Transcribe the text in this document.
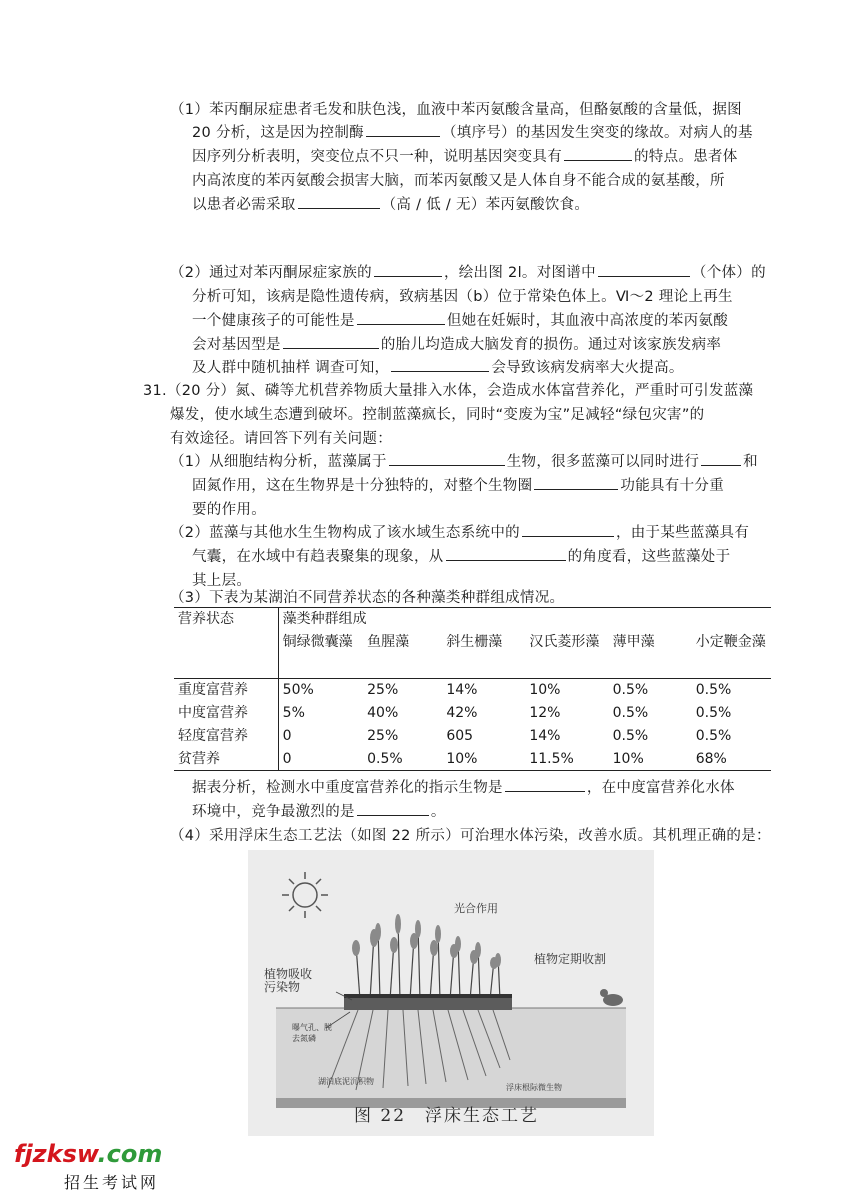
（1）苯丙酮尿症患者毛发和肤色浅，血液中苯丙氨酸含量高，但酪氨酸的含量低，据图
20 分析，这是因为控制酶	（填序号）的基因发生突变的缘故。对病人的基
因序列分析表明，突变位点不只一种，说明基因突变具有	的特点。患者体
内高浓度的苯丙氨酸会损害大脑，而苯丙氨酸又是人体自身不能合成的氨基酸，所
以患者必需采取	（高 / 低 / 无）苯丙氨酸饮食。
（2）通过对苯丙酮尿症家族的	，绘出图 2l。对图谱中	（个体）的
分析可知，该病是隐性遗传病，致病基因（b）位于常染色体上。Ⅵ～2 理论上再生
一个健康孩子的可能性是	但她在妊娠时，其血液中高浓度的苯丙氨酸
会对基因型是	的胎儿均造成大脑发育的损伤。通过对该家族发病率
及人群中随机抽样 调查可知，	会导致该病发病率大火提高。
31.（20 分）氮、磷等尤机营养物质大量排入水体，会造成水体富营养化，严重时可引发蓝藻
爆发，使水域生态遭到破坏。控制蓝藻疯长，同时“变废为宝”足减轻“绿包灾害”的
有效途径。请回答下列有关问题：
（1）从细胞结构分析，蓝藻属于	生物，很多蓝藻可以同时进行	和
固氮作用，这在生物界是十分独特的，对整个生物圈	功能具有十分重
要的作用。
（2）蓝藻与其他水生生物构成了该水域生态系统中的	，由于某些蓝藻具有
气囊，在水域中有趋表聚集的现象，从	的角度看，这些蓝藻处于
其上层。
（3）下表为某湖泊不同营养状态的各种藻类种群组成情况。
营养状态	藻类种群组成					
	铜绿微囊藻	鱼腥藻	斜生栅藻	汉氏菱形藻	薄甲藻	小定鞭金藻
重度富营养	50%	25%	14%	10%	0.5%	0.5%
中度富营养	5%	40%	42%	12%	0.5%	0.5%
轻度富营养	0	25%	605	14%	0.5%	0.5%
贫营养	0	0.5%	10%	11.5%	10%	68%
据表分析，检测水中重度富营养化的指示生物是	，在中度富营养化水体
环境中，竞争最激烈的是	。
（4）采用浮床生态工艺法（如图 22 所示）可治理水体污染，改善水质。其机理正确的是：
光合作用
植物定期收割
植物吸收污染物
曝气孔、脱去氮磷
湖泊底泥沉积物
浮床根际微生物
图 22　浮床生态工艺
fjzksw.com
招生考试网
